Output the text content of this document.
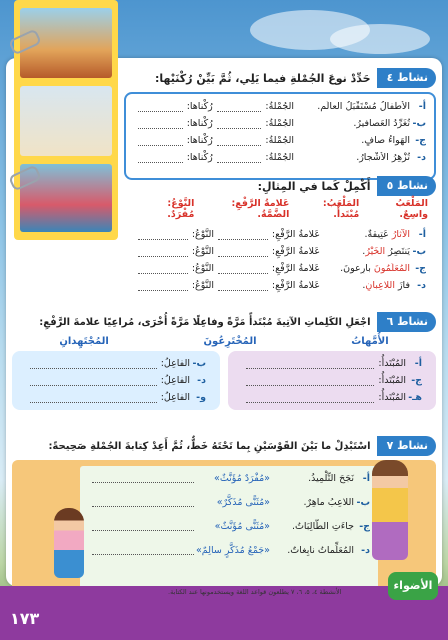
نشاط ٤
حَدِّدْ نوعَ الجُمْلةِ فيما يَلِي، ثُمَّ بَيِّنْ رُكْنَيْها:
أ-
الأَطْفالُ مُسْتَقْبَلُ العالَمِ.
الجُمْلةُ:
رُكْناها:
ب-
تُغَرِّدُ العَصافيرُ.
الجُمْلةُ:
رُكْناها:
ج-
الهَواءُ صافٍ.
الجُمْلةُ:
رُكْناها:
د-
تُزْهِرُ الأَشْجارُ.
الجُمْلةُ:
رُكْناها:
نشاط ٥
أَكْمِلْ كَما في المِثالِ:
المَلْعَبُ واسِعٌ.
المَلْعَبُ: مُبْتَدأٌ.
عَلامةُ الرَّفْعِ: الضَّمَّةُ.
النَّوْعُ: مُفْرَدٌ.
أ-
الآثارُ عَتِيقةٌ.
عَلامةُ الرَّفْعِ:
النَّوْعُ:
ب-
يَنتَصِرُ الخَيْرُ.
عَلامةُ الرَّفْعِ:
النَّوْعُ:
ج-
المُعَلِّمُونَ بارِعونَ.
عَلامةُ الرَّفْعِ:
النَّوْعُ:
د-
فازَ اللاعِبانِ.
عَلامةُ الرَّفْعِ:
النَّوْعُ:
نشاط ٦
اجْعَلِ الكَلِماتِ الآتِيةَ مُبْتَدأً مَرَّةً وفاعِلًا مَرَّةً أُخْرَى، مُراعِيًا علامةَ الرَّفْعِ:
الأُمَّهاتُ
المُخْتَرِعُونَ
المُجْتَهِدانِ
أ-
المُبْتَدأُ:
ج-
المُبْتَدأُ:
هـ-
المُبْتَدأُ:
ب-
الفاعِلُ:
د-
الفاعِلُ:
و-
الفاعِلُ:
نشاط ٧
اسْتَبْدِلْ ما بَيْنَ القَوْسَيْنِ بِما تَحْتَهُ خَطٌّ، ثُمَّ أَعِدْ كِتابةَ الجُمْلةِ صَحِيحةً:
أ-
نَجَحَ التِّلْمِيذُ.
«مُفْرَدٌ مُؤَنَّثٌ»
ب-
اللاعِبُ ماهِرٌ.
«مُثَنًّى مُذَكَّرٌ»
ج-
جاءَتِ الطّالِبَاتُ.
«مُثَنًّى مُؤَنَّثٌ»
د-
المُعَلِّماتُ نابِغاتٌ.
«جَمْعُ مُذَكَّرٍ سالِمٌ»
الأنشطة ٤، ٥، ٦، ٧ يطلعون قواعد اللغة ويستخدمونها عند الكتابة.	الأضواء
١٧٣
